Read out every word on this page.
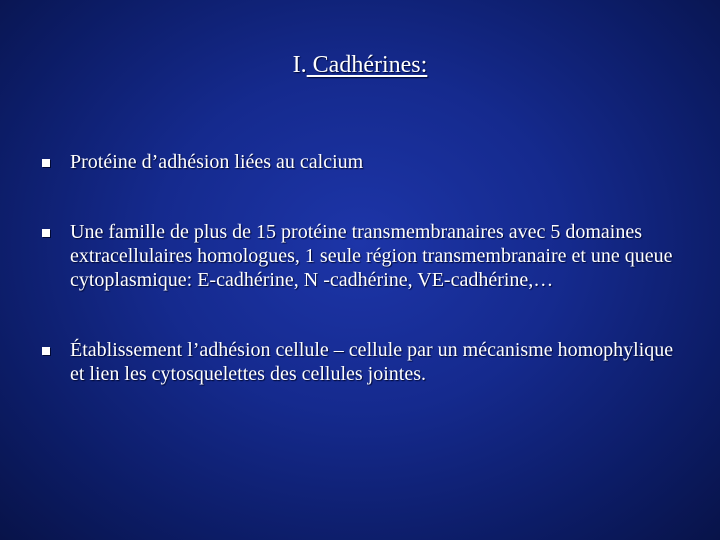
I. Cadhérines:
Protéine d’adhésion liées au calcium
Une famille de plus de 15 protéine transmembranaires avec 5 domaines extracellulaires homologues, 1 seule région transmembranaire et une queue cytoplasmique: E-cadhérine, N -cadhérine, VE-cadhérine,…
Établissement l’adhésion cellule – cellule par un mécanisme homophylique et lien les cytosquelettes des cellules jointes.
